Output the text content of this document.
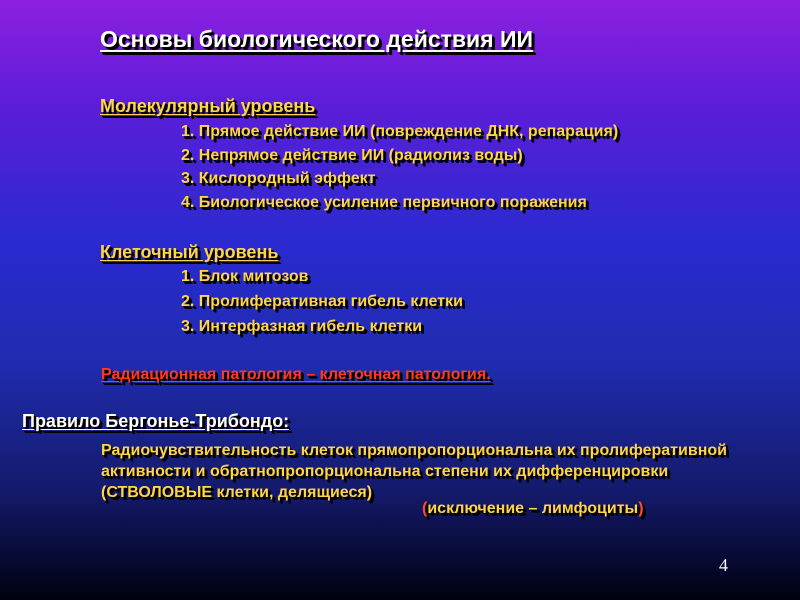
Основы биологического действия ИИ
Молекулярный уровень
1. Прямое действие ИИ (повреждение ДНК, репарация)
2. Непрямое действие ИИ (радиолиз воды)
3. Кислородный эффект
4. Биологическое усиление первичного поражения
Клеточный уровень
1. Блок митозов
2. Пролиферативная гибель клетки
3. Интерфазная гибель клетки
Радиационная патология – клеточная патология.
Правило Бергонье-Трибондо:
Радиочувствительность клеток прямопропорциональна их пролиферативной активности и обратнопропорциональна степени их дифференцировки (СТВОЛОВЫЕ клетки, делящиеся)
(исключение – лимфоциты)
4
